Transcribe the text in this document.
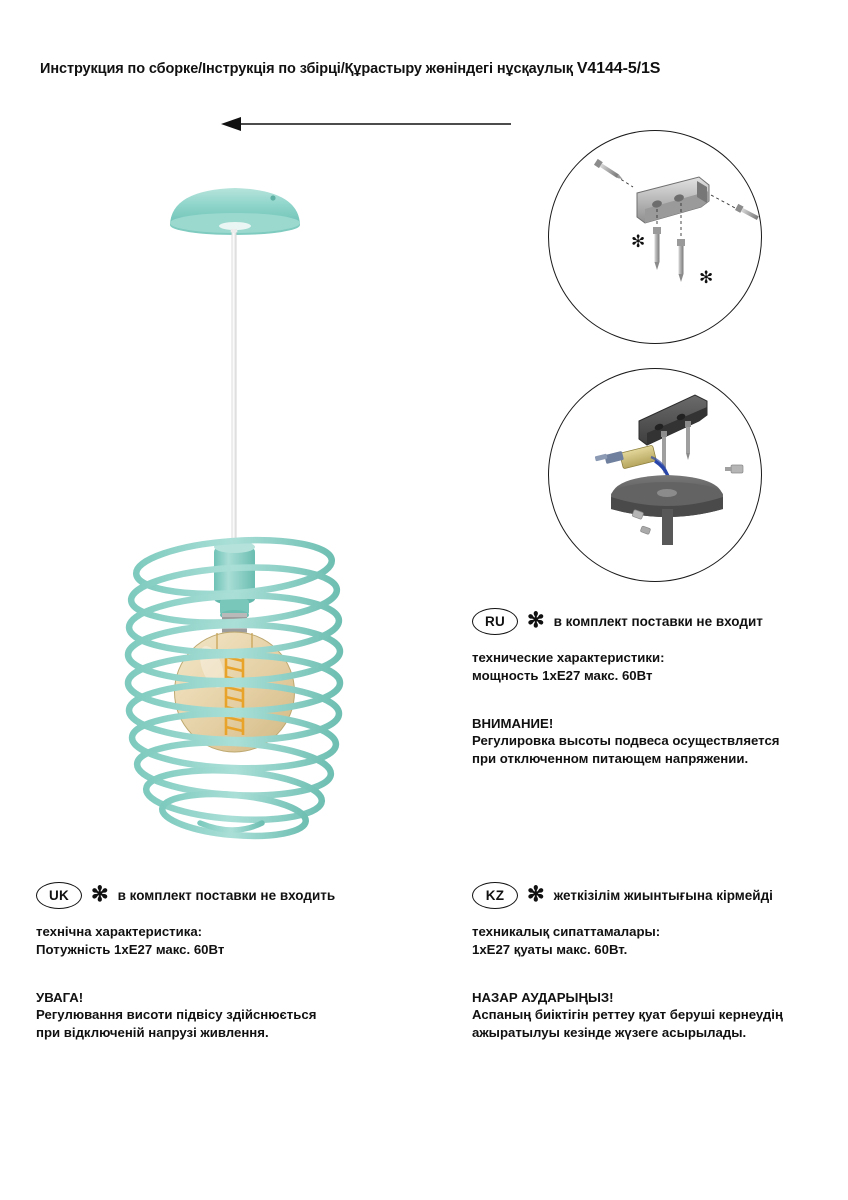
Инструкция по сборке/Інструкція по збірці/Құрастыру жөніндегі нұсқаулық V4144-5/1S
✻
✻
RU	✻ в комплект поставки не входит
технические характеристики:
мощность 1хЕ27 макс. 60Вт
ВНИМАНИЕ!
Регулировка высоты подвеса осуществляется
при отключенном питающем напряжении.
UK	✻ в комплект поставки не входить
технічна характеристика:
Потужність 1хЕ27 макс. 60Вт
УВАГА!
Регулювання висоти підвісу здійснюється
при відключеній напрузі живлення.
KZ	✻ жеткізілім жиынтығына кірмейді
техникалық сипаттамалары:
1хЕ27 қуаты макс. 60Вт.
НАЗАР АУДАРЫҢЫЗ!
Аспаның биіктігін реттеу қуат беруші кернеудің
ажыратылуы кезінде жүзеге асырылады.
